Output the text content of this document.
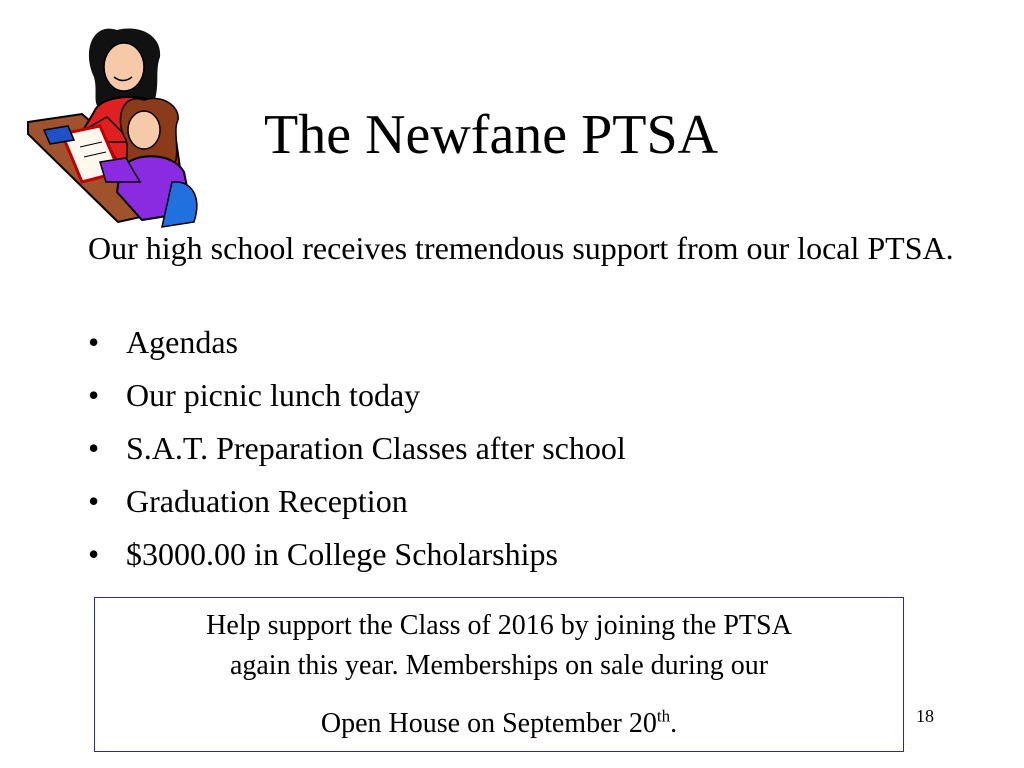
The Newfane PTSA
Our high school receives tremendous support from our local PTSA.
• Agendas
• Our picnic lunch today
• S.A.T. Preparation Classes after school
• Graduation Reception
• $3000.00 in College Scholarships
Help support the Class of 2016 by joining the PTSA
again this year. Memberships on sale during our
Open House on September 20th.	18
